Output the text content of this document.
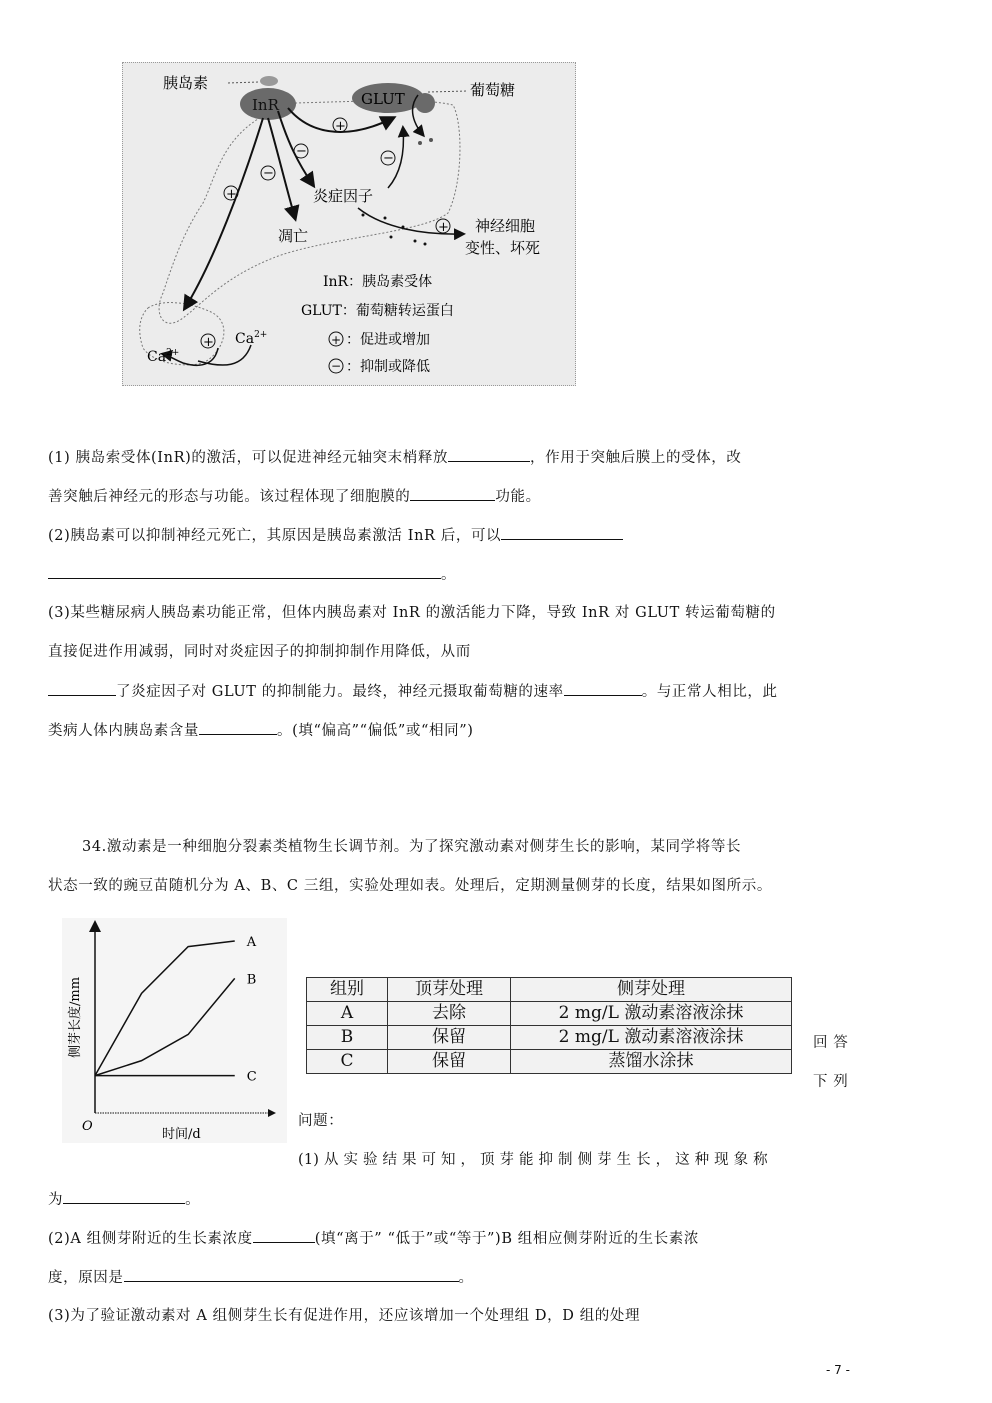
胰岛素
InR	GLUT	葡萄糖
+
−
−
+
−
+
+
炎症因子
凋亡
神经细胞
变性、坏死
$Ca^{2+}$
$Ca^{2+}$
InR：胰岛素受体
GLUT：葡萄糖转运蛋白
+ ：促进或增加
− ：抑制或降低
(1) 胰岛索受体(InR)的激活，可以促进神经元轴突末梢释放	，作用于突触后膜上的受体，改
善突触后神经元的形态与功能。该过程体现了细胞膜的	功能。
(2)胰岛素可以抑制神经元死亡，其原因是胰岛素激活 InR 后，可以
。
(3)某些糖尿病人胰岛素功能正常，但体内胰岛素对 InR 的激活能力下降，导致 InR 对 GLUT 转运葡萄糖的
直接促进作用减弱，同时对炎症因子的抑制抑制作用降低，从而
了炎症因子对 GLUT 的抑制能力。最终，神经元摄取葡萄糖的速率	。与正常人相比，此
类病人体内胰岛素含量	。(填“偏高”“偏低”或“相同”)
34.激动素是一种细胞分裂素类植物生长调节剂。为了探究激动素对侧芽生长的影响，某同学将等长
状态一致的豌豆苗随机分为 A、B、C 三组，实验处理如表。处理后，定期测量侧芽的长度，结果如图所示。
O
时间/d
侧芽长度/mm
A
B
C
组别	顶芽处理	侧芽处理
A	去除	2 mg/L 激动素溶液涂抹
B	保留	2 mg/L 激动素溶液涂抹
C	保留	蒸馏水涂抹
回 答
下 列
问题：
(1) 从 实 验 结 果 可 知 ， 顶 芽 能 抑 制 侧 芽 生 长 ， 这 种 现 象 称
为	。
(2)A 组侧芽附近的生长素浓度	(填“离于” “低于”或“等于”)B 组相应侧芽附近的生长素浓
度，原因是	。
(3)为了验证激动素对 A 组侧芽生长有促进作用，还应该增加一个处理组 D，D 组的处理
- 7 -
